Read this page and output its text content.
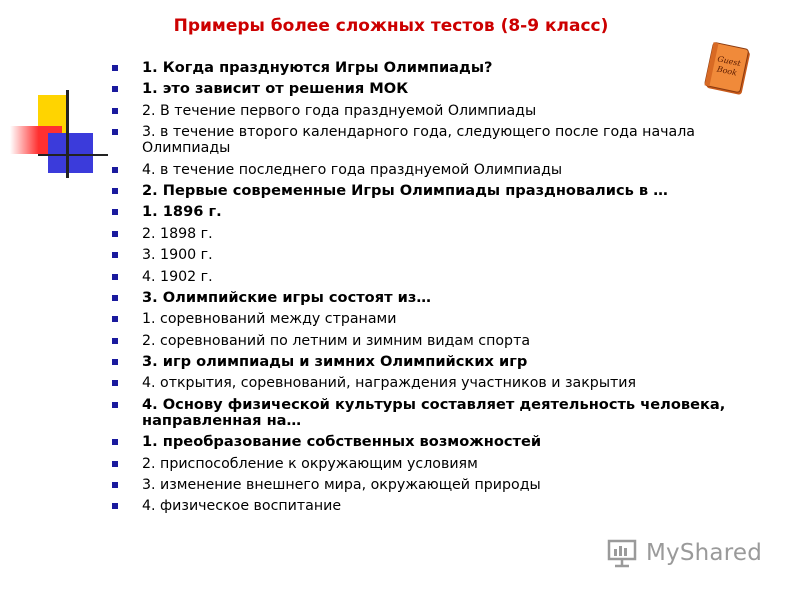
Примеры более сложных тестов (8-9 класс)
Guest
Book
1. Когда празднуются Игры Олимпиады?
1. это зависит от решения МОК
2. В течение первого года празднуемой Олимпиады
3. в течение второго календарного года, следующего после года начала Олимпиады
4. в течение последнего года празднуемой Олимпиады
2. Первые современные Игры Олимпиады праздновались в …
1. 1896 г.
2. 1898 г.
3. 1900 г.
4. 1902 г.
3. Олимпийские игры состоят из…
1. соревнований между странами
2. соревнований по летним и зимним видам спорта
3. игр олимпиады и зимних Олимпийских игр
4. открытия, соревнований, награждения участников и закрытия
4. Основу физической культуры составляет деятельность человека, направленная на…
1. преобразование собственных возможностей
2. приспособление к окружающим условиям
3. изменение внешнего мира, окружающей природы
4. физическое воспитание
MyShared
